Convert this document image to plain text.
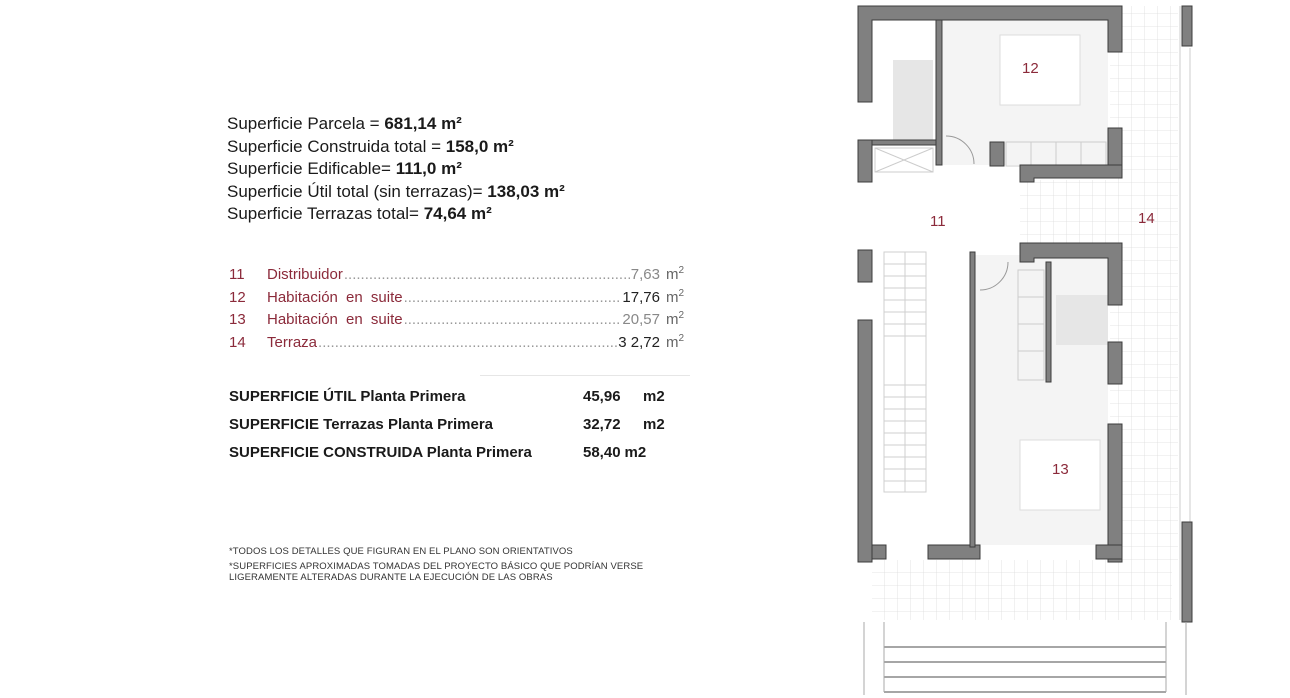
Superficie Parcela = 681,14 m²
Superficie Construida total = 158,0 m²
Superficie Edificable= 111,0 m²
Superficie Útil total (sin terrazas)= 138,03 m²
Superficie Terrazas total= 74,64 m²
11	Distribuidor .....	7,63 $m^2$
12	Habitación en suite .....	17,76 $m^2$
13	Habitación en suite .....	20,57 $m^2$
14	Terraza .....	3 2,72 $m^2$
SUPERFICIE ÚTIL Planta Primera	45,96	m2
SUPERFICIE Terrazas Planta Primera	32,72	m2
SUPERFICIE CONSTRUIDA Planta Primera	58,40 m2
*TODOS LOS DETALLES QUE FIGURAN EN EL PLANO SON ORIENTATIVOS
*SUPERFICIES APROXIMADAS TOMADAS DEL PROYECTO BÁSICO QUE PODRÍAN VERSE
LIGERAMENTE ALTERADAS DURANTE LA EJECUCIÓN DE LAS OBRAS
12
11	14
13
